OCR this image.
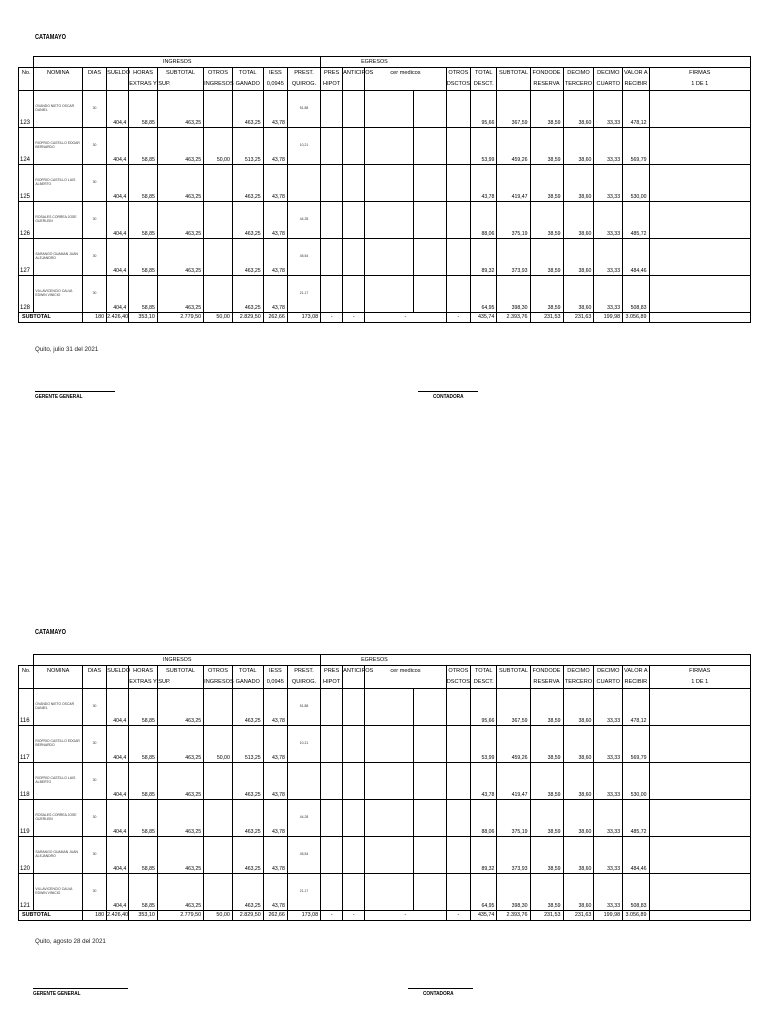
CATAMAYO
	INGRESOS									EGRESOS											
No.	NOMINA	DIAS	SUELDO	HORAS	SUBTOTAL	OTROS	TOTAL	IESS	PREST.	PRES	ANTICIPOS	cer medicos		OTROS	TOTAL	SUBTOTAL	FONDODE	DECIMO	DECIMO	VALOR A	FIRMAS
				EXTRAS Y SUP.		INGRESOS	GANADO	0,0945	QUIROG.	HIPOT				DSCTOS	DESCT.		RESERVA	TERCERO	CUARTO	RECIBIR	1 DE 1
123	OVANDO NIETO OSCAR DANIEL	30	404,4	58,85	463,25		463,25	43,78	51,88						95,66	367,59	38,59	38,60	33,33	478,12	
124	RIOFRIO CASTILLO EDGAR BERNARDO	30	404,4	58,85	463,25	50,00	513,25	43,78	10,21						53,99	459,26	38,59	38,60	33,33	569,79	
125	RIOFRIO CASTILLO LUIS ALBERTO	30	404,4	58,85	463,25		463,25	43,78							43,78	419,47	38,59	38,60	33,33	530,00	
126	ROSALES CORREA JOSE GUERLEIN	30	404,4	58,85	463,25		463,25	43,78	44,28						88,06	375,19	38,59	38,60	33,33	485,72	
127	SARANGO GUAMAN JUAN ALEJANDRO	30	404,4	58,85	463,25		463,25	43,78	45,54						89,32	373,93	38,59	38,60	33,33	484,46	
128	VILLAVICENCIO CALVA EDWIN VINICIO	30	404,4	58,85	463,25		463,25	43,78	21,17						64,95	398,30	38,59	38,60	33,33	508,83	
SUBTOTAL		180	2.426,40	353,10	2.779,50	50,00	2.829,50	262,66	173,08	-	-	-		-	435,74	2.393,76	231,53	231,63	199,98	3.056,89	
Quito, julio 31 del 2021
GERENTE GENERAL	CONTADORA
CATAMAYO
	INGRESOS									EGRESOS											
No.	NOMINA	DIAS	SUELDO	HORAS	SUBTOTAL	OTROS	TOTAL	IESS	PREST.	PRES	ANTICIPOS	cer medicos		OTROS	TOTAL	SUBTOTAL	FONDODE	DECIMO	DECIMO	VALOR A	FIRMAS
				EXTRAS Y SUP.		INGRESOS	GANADO	0,0945	QUIROG.	HIPOT				DSCTOS	DESCT.		RESERVA	TERCERO	CUARTO	RECIBIR	1 DE 1
116	OVANDO NIETO OSCAR DANIEL	30	404,4	58,85	463,25		463,25	43,78	51,88						95,66	367,59	38,59	38,60	33,33	478,12	
117	RIOFRIO CASTILLO EDGAR BERNARDO	30	404,4	58,85	463,25	50,00	513,25	43,78	10,21						53,99	459,26	38,59	38,60	33,33	569,79	
118	RIOFRIO CASTILLO LUIS ALBERTO	30	404,4	58,85	463,25		463,25	43,78							43,78	419,47	38,59	38,60	33,33	530,00	
119	ROSALES CORREA JOSE GUERLEIN	30	404,4	58,85	463,25		463,25	43,78	44,28						88,06	375,19	38,59	38,60	33,33	485,72	
120	SARANGO GUAMAN JUAN ALEJANDRO	30	404,4	58,85	463,25		463,25	43,78	45,54						89,32	373,93	38,59	38,60	33,33	484,46	
121	VILLAVICENCIO CALVA EDWIN VINICIO	30	404,4	58,85	463,25		463,25	43,78	21,17						64,95	398,30	38,59	38,60	33,33	508,83	
SUBTOTAL		180	2.426,40	353,10	2.779,50	50,00	2.829,50	262,66	173,08	-	-	-		-	435,74	2.393,76	231,53	231,63	199,98	3.056,89	
Quito, agosto 28 del 2021
GERENTE GENERAL	CONTADORA
